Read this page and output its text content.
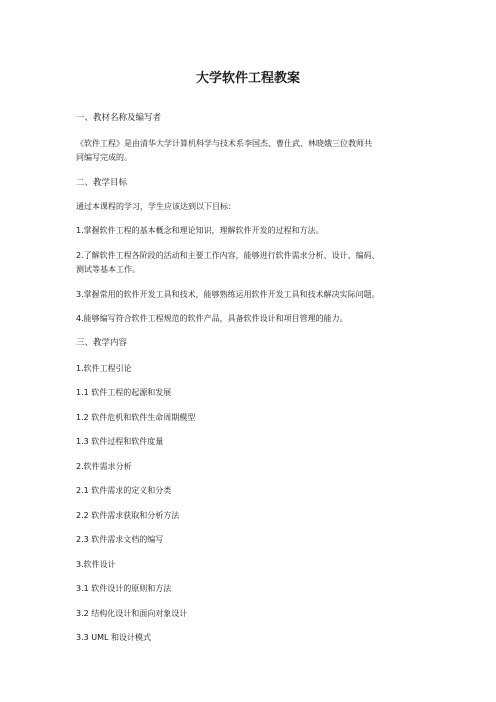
大学软件工程教案
一、教材名称及编写者
《软件工程》是由清华大学计算机科学与技术系李国杰、曹仕武、林晓娥三位教师共
同编写完成的。
二、教学目标
通过本课程的学习，学生应该达到以下目标：
1.掌握软件工程的基本概念和理论知识，理解软件开发的过程和方法。
2.了解软件工程各阶段的活动和主要工作内容，能够进行软件需求分析、设计、编码、
测试等基本工作。
3.掌握常用的软件开发工具和技术，能够熟练运用软件开发工具和技术解决实际问题。
4.能够编写符合软件工程规范的软件产品，具备软件设计和项目管理的能力。
三、教学内容
1.软件工程引论
1.1 软件工程的起源和发展
1.2 软件危机和软件生命周期模型
1.3 软件过程和软件度量
2.软件需求分析
2.1 软件需求的定义和分类
2.2 软件需求获取和分析方法
2.3 软件需求文档的编写
3.软件设计
3.1 软件设计的原则和方法
3.2 结构化设计和面向对象设计
3.3 UML 和设计模式
